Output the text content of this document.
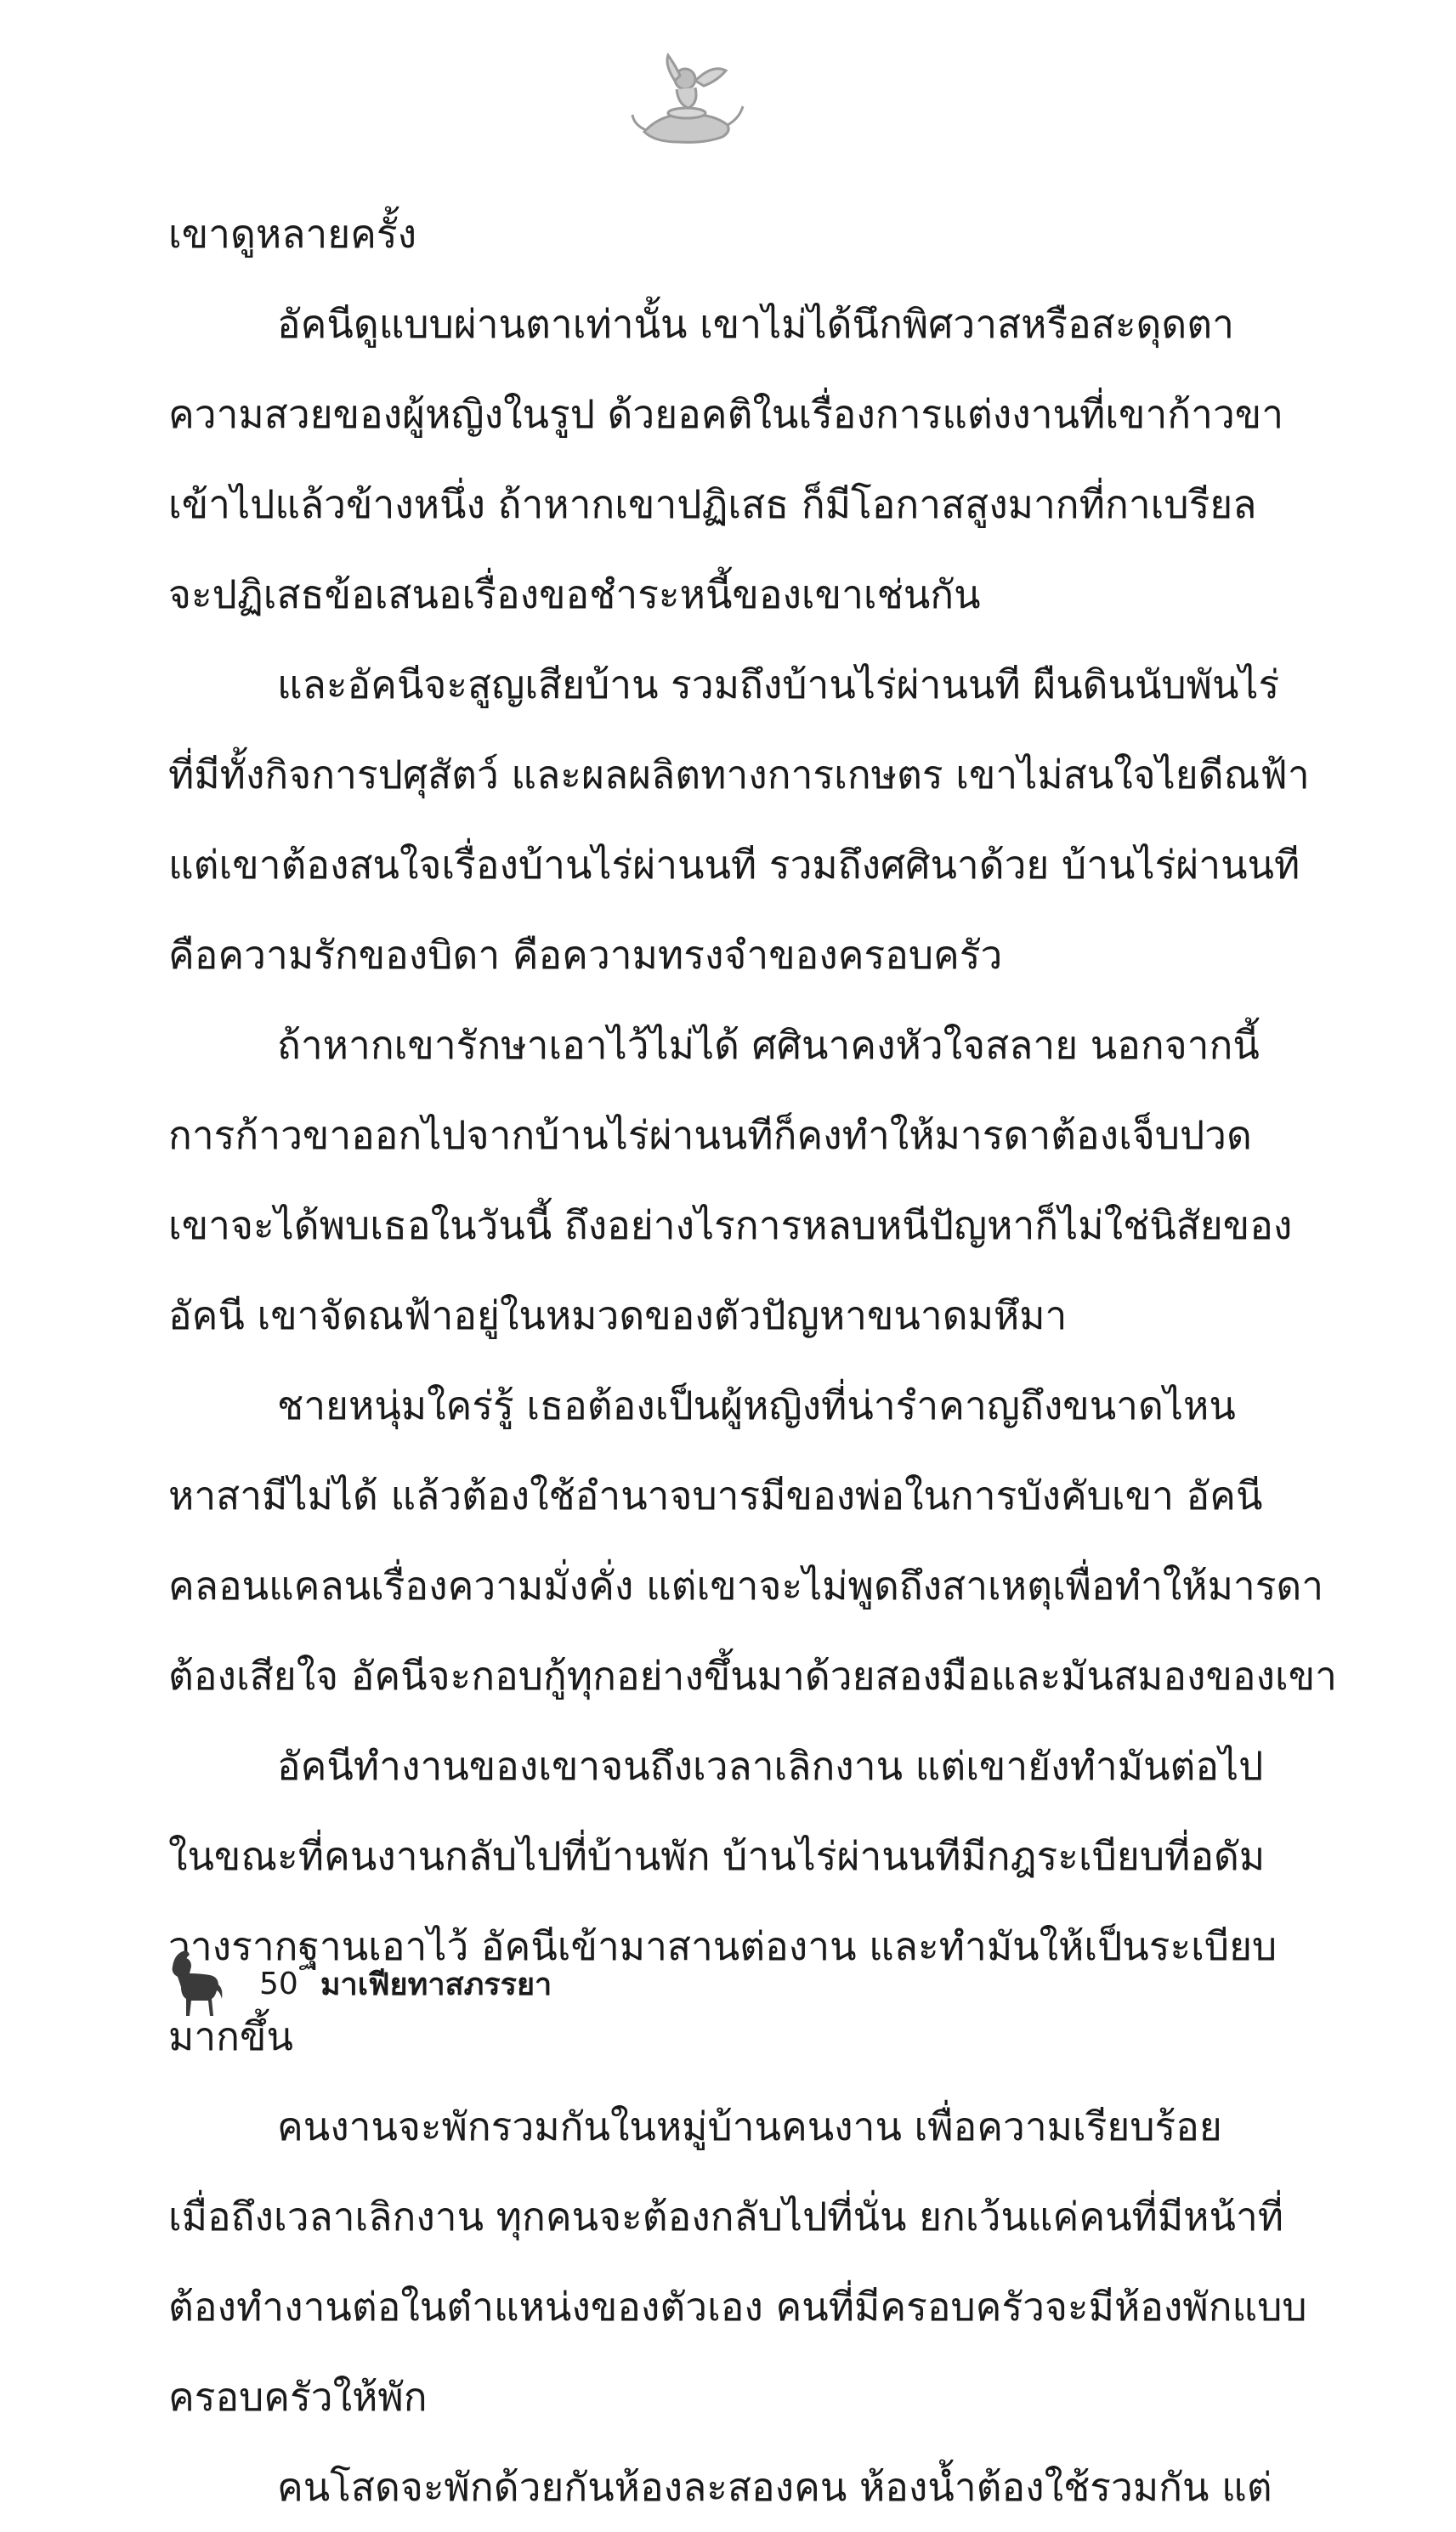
เขาดูหลายครั้ง
อัคนีดูแบบผ่านตาเท่านั้น เขาไม่ได้นึกพิศวาสหรือสะดุดตา
ความสวยของผู้หญิงในรูป ด้วยอคติในเรื่องการแต่งงานที่เขาก้าวขา
เข้าไปแล้วข้างหนึ่ง ถ้าหากเขาปฏิเสธ ก็มีโอกาสสูงมากที่กาเบรียล
จะปฏิเสธข้อเสนอเรื่องขอชำระหนี้ของเขาเช่นกัน
และอัคนีจะสูญเสียบ้าน รวมถึงบ้านไร่ผ่านนที ผืนดินนับพันไร่
ที่มีทั้งกิจการปศุสัตว์ และผลผลิตทางการเกษตร เขาไม่สนใจไยดีณฟ้า
แต่เขาต้องสนใจเรื่องบ้านไร่ผ่านนที รวมถึงศศินาด้วย บ้านไร่ผ่านนที
คือความรักของบิดา คือความทรงจำของครอบครัว
ถ้าหากเขารักษาเอาไว้ไม่ได้ ศศินาคงหัวใจสลาย นอกจากนี้
การก้าวขาออกไปจากบ้านไร่ผ่านนทีก็คงทำให้มารดาต้องเจ็บปวด
เขาจะได้พบเธอในวันนี้ ถึงอย่างไรการหลบหนีปัญหาก็ไม่ใช่นิสัยของ
อัคนี เขาจัดณฟ้าอยู่ในหมวดของตัวปัญหาขนาดมหึมา
ชายหนุ่มใคร่รู้ เธอต้องเป็นผู้หญิงที่น่ารำคาญถึงขนาดไหน
หาสามีไม่ได้ แล้วต้องใช้อำนาจบารมีของพ่อในการบังคับเขา อัคนี
คลอนแคลนเรื่องความมั่งคั่ง แต่เขาจะไม่พูดถึงสาเหตุเพื่อทำให้มารดา
ต้องเสียใจ อัคนีจะกอบกู้ทุกอย่างขึ้นมาด้วยสองมือและมันสมองของเขา
อัคนีทำงานของเขาจนถึงเวลาเลิกงาน แต่เขายังทำมันต่อไป
ในขณะที่คนงานกลับไปที่บ้านพัก บ้านไร่ผ่านนทีมีกฎระเบียบที่อดัม
วางรากฐานเอาไว้ อัคนีเข้ามาสานต่องาน และทำมันให้เป็นระเบียบ
มากขึ้น
คนงานจะพักรวมกันในหมู่บ้านคนงาน เพื่อความเรียบร้อย
เมื่อถึงเวลาเลิกงาน ทุกคนจะต้องกลับไปที่นั่น ยกเว้นแค่คนที่มีหน้าที่
ต้องทำงานต่อในตำแหน่งของตัวเอง คนที่มีครอบครัวจะมีห้องพักแบบ
ครอบครัวให้พัก
คนโสดจะพักด้วยกันห้องละสองคน ห้องน้ำต้องใช้รวมกัน แต่
50 มาเฟียทาสภรรยา
